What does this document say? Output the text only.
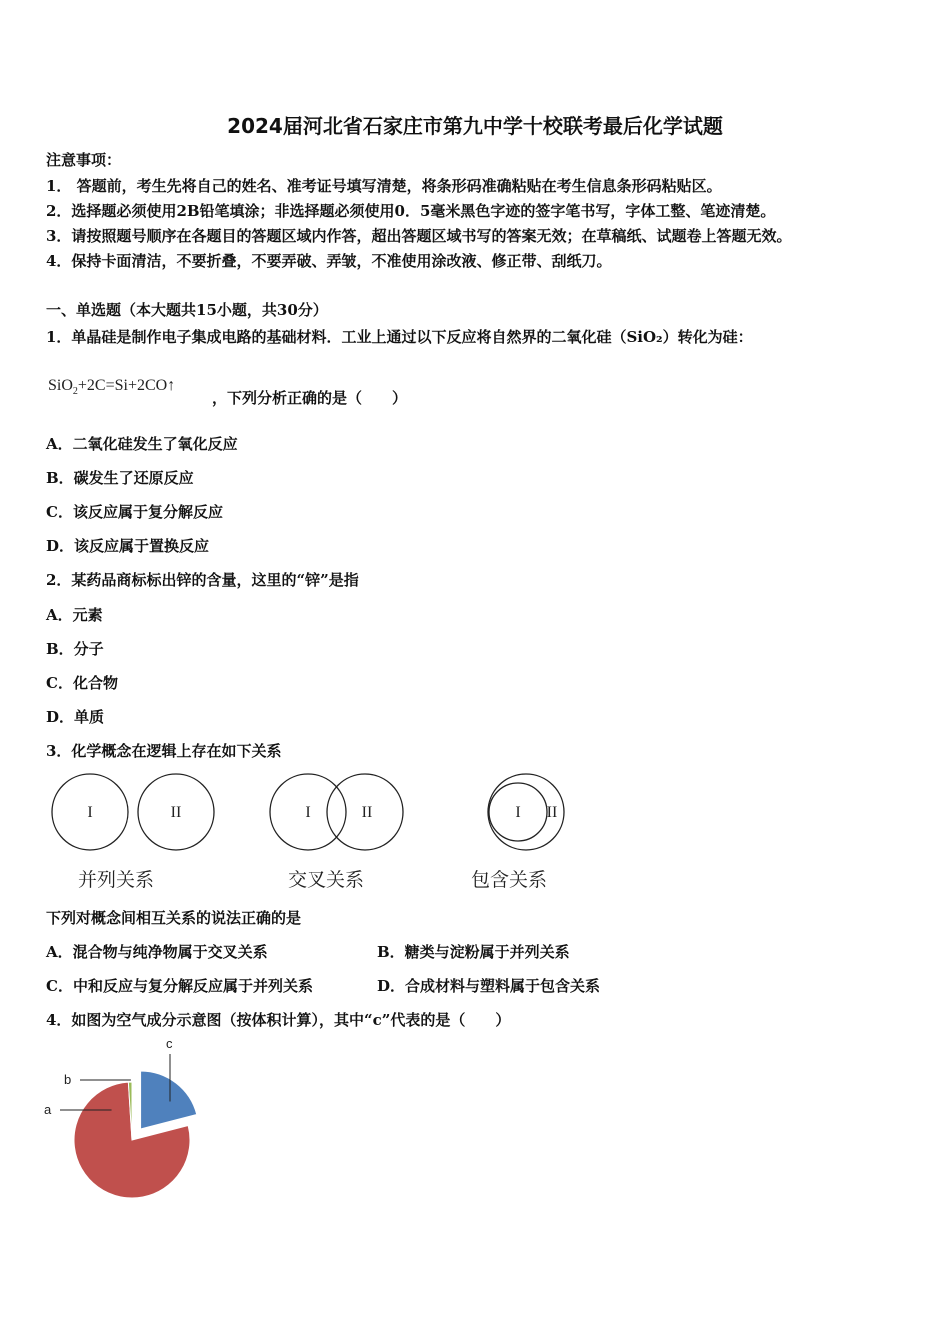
2024届河北省石家庄市第九中学十校联考最后化学试题
注意事项：
1． 答题前，考生先将自己的姓名、准考证号填写清楚，将条形码准确粘贴在考生信息条形码粘贴区。
2．选择题必须使用2B铅笔填涂；非选择题必须使用0．5毫米黑色字迹的签字笔书写，字体工整、笔迹清楚。
3．请按照题号顺序在各题目的答题区域内作答，超出答题区域书写的答案无效；在草稿纸、试题卷上答题无效。
4．保持卡面清洁，不要折叠，不要弄破、弄皱，不准使用涂改液、修正带、刮纸刀。
一、单选题（本大题共15小题，共30分）
1．单晶硅是制作电子集成电路的基础材料．工业上通过以下反应将自然界的二氧化硅（SiO₂）转化为硅：
SiO$_2$+2C=Si+2CO↑
，下列分析正确的是（　　）
A．二氧化硅发生了氧化反应
B．碳发生了还原反应
C．该反应属于复分解反应
D．该反应属于置换反应
2．某药品商标标出锌的含量，这里的“锌”是指
A．元素
B．分子
C．化合物
D．单质
3．化学概念在逻辑上存在如下关系
I	II	I	II	I II
并列关系	交叉关系	包含关系
下列对概念间相互关系的说法正确的是
A．混合物与纯净物属于交叉关系	B．糖类与淀粉属于并列关系
C．中和反应与复分解反应属于并列关系	D．合成材料与塑料属于包含关系
4．如图为空气成分示意图（按体积计算），其中“c”代表的是（　　）
a
b
c
